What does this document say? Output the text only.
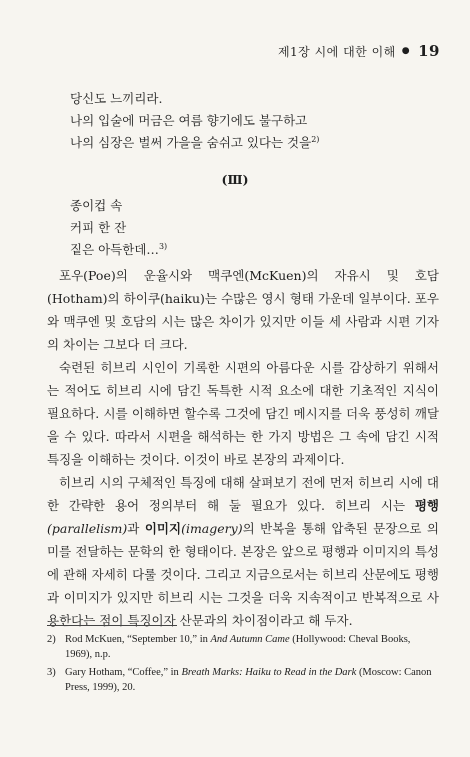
제1장 시에 대한 이해 ● 19
당신도 느끼리라.
나의 입술에 머금은 여름 향기에도 불구하고
나의 심장은 벌써 가을을 숨쉬고 있다는 것을$^{2)}$
(Ⅲ)
종이컵 속
커피 한 잔
짙은 아득한데…$^{3)}$

포우(Poe)의 운율시와 맥쿠엔(McKuen)의 자유시 및 호담(Hotham)의 하이쿠(haiku)는 수많은 영시 형태 가운데 일부이다. 포우와 맥쿠엔 및 호담의 시는 많은 차이가 있지만 이들 세 사람과 시편 기자의 차이는 그보다 더 크다.

숙련된 히브리 시인이 기록한 시편의 아름다운 시를 감상하기 위해서는 적어도 히브리 시에 담긴 독특한 시적 요소에 대한 기초적인 지식이 필요하다. 시를 이해하면 할수록 그것에 담긴 메시지를 더욱 풍성히 깨달을 수 있다. 따라서 시편을 해석하는 한 가지 방법은 그 속에 담긴 시적 특징을 이해하는 것이다. 이것이 바로 본장의 과제이다.

히브리 시의 구체적인 특징에 대해 살펴보기 전에 먼저 히브리 시에 대한 간략한 용어 정의부터 해 둘 필요가 있다. 히브리 시는 평행(parallelism)과 이미지(imagery)의 반복을 통해 압축된 문장으로 의미를 전달하는 문학의 한 형태이다. 본장은 앞으로 평행과 이미지의 특성에 관해 자세히 다룰 것이다. 그리고 지금으로서는 히브리 산문에도 평행과 이미지가 있지만 히브리 시는 그것을 더욱 지속적이고 반복적으로 사용한다는 점이 특징이자 산문과의 차이점이라고 해 두자.

2) Rod McKuen, “September 10,” in And Autumn Came (Hollywood: Cheval Books, 1969), n.p.
3) Gary Hotham, “Coffee,” in Breath Marks: Haiku to Read in the Dark (Moscow: Canon Press, 1999), 20.
